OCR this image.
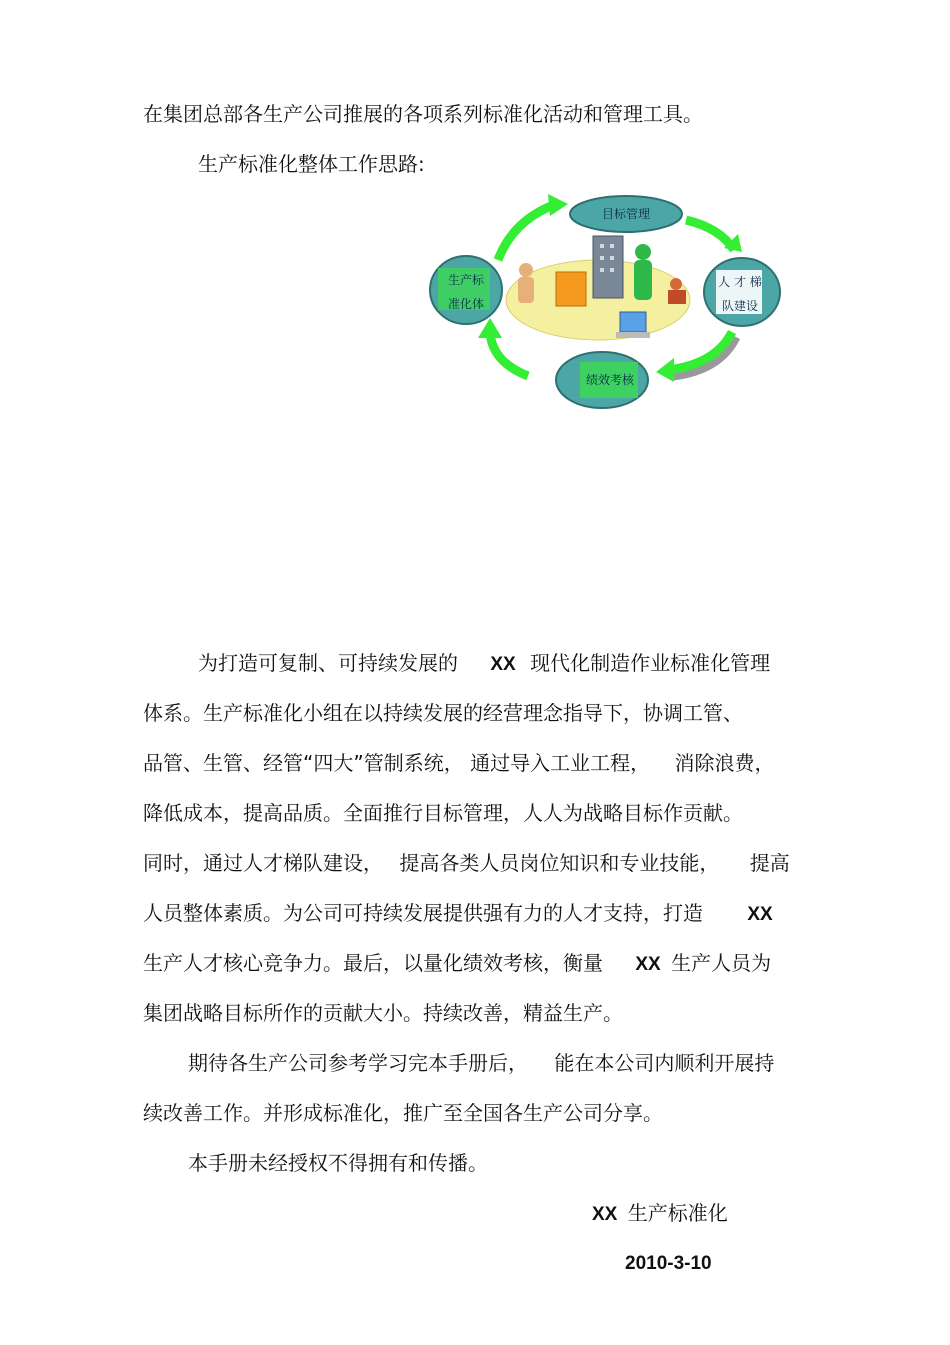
在集团总部各生产公司推展的各项系列标准化活动和管理工具。
生产标准化整体工作思路:
目标管理
生产标
准化体
人 才 梯
队建设
绩效考核
为打造可复制、可持续发展的 XX 现代化制造作业标准化管理
体系。生产标准化小组在以持续发展的经营理念指导下，协调工管、
品管、生管、经管“四大”管制系统， 通过导入工业工程， 消除浪费，
降低成本，提高品质。全面推行目标管理，人人为战略目标作贡献。
同时，通过人才梯队建设， 提高各类人员岗位知识和专业技能， 提高
人员整体素质。为公司可持续发展提供强有力的人才支持，打造 XX
生产人才核心竞争力。最后，以量化绩效考核，衡量 XX 生产人员为
集团战略目标所作的贡献大小。持续改善，精益生产。
期待各生产公司参考学习完本手册后， 能在本公司内顺利开展持
续改善工作。并形成标准化，推广至全国各生产公司分享。
本手册未经授权不得拥有和传播。
XX 生产标准化
2010-3-10
